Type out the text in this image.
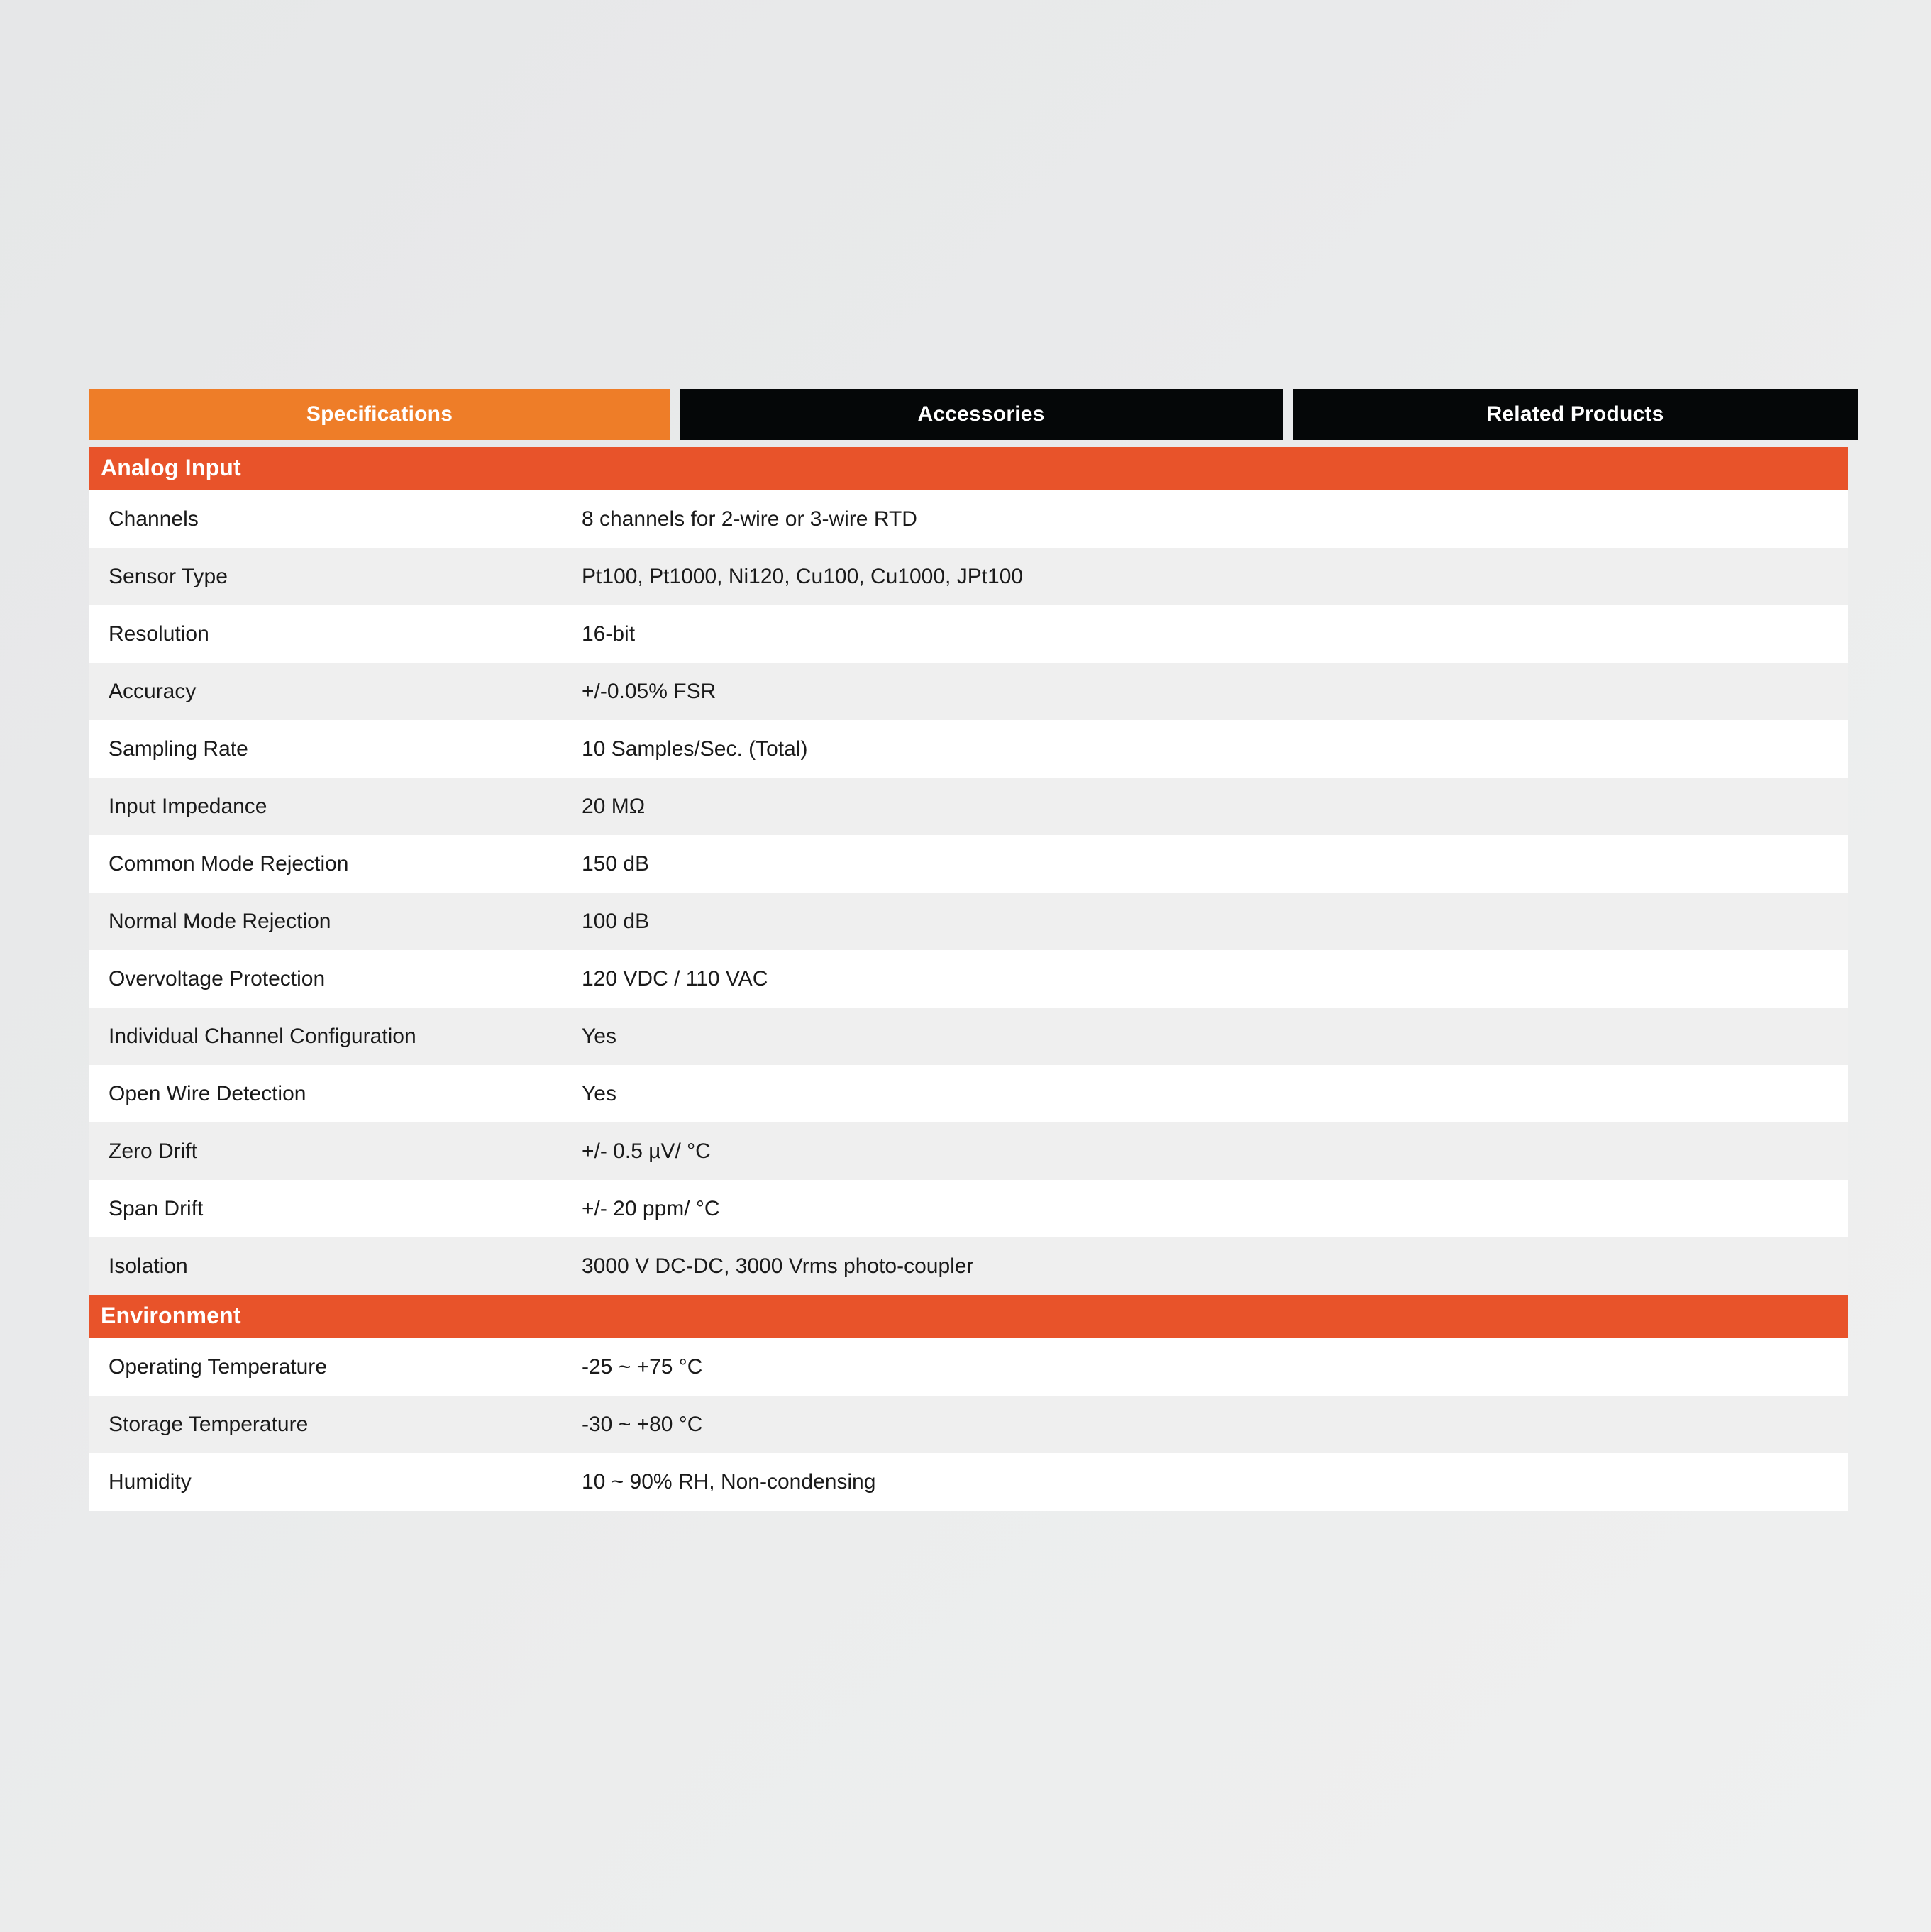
Specifications	Accessories	Related Products
Analog Input
Channels	8 channels for 2-wire or 3-wire RTD
Sensor Type	Pt100, Pt1000, Ni120, Cu100, Cu1000, JPt100
Resolution	16-bit
Accuracy	+/-0.05% FSR
Sampling Rate	10 Samples/Sec. (Total)
Input Impedance	20 MΩ
Common Mode Rejection	150 dB
Normal Mode Rejection	100 dB
Overvoltage Protection	120 VDC / 110 VAC
Individual Channel Configuration	Yes
Open Wire Detection	Yes
Zero Drift	+/- 0.5 µV/ °C
Span Drift	+/- 20 ppm/ °C
Isolation	3000 V DC-DC, 3000 Vrms photo-coupler
Environment
Operating Temperature	-25 ~ +75 °C
Storage Temperature	-30 ~ +80 °C
Humidity	10 ~ 90% RH, Non-condensing
